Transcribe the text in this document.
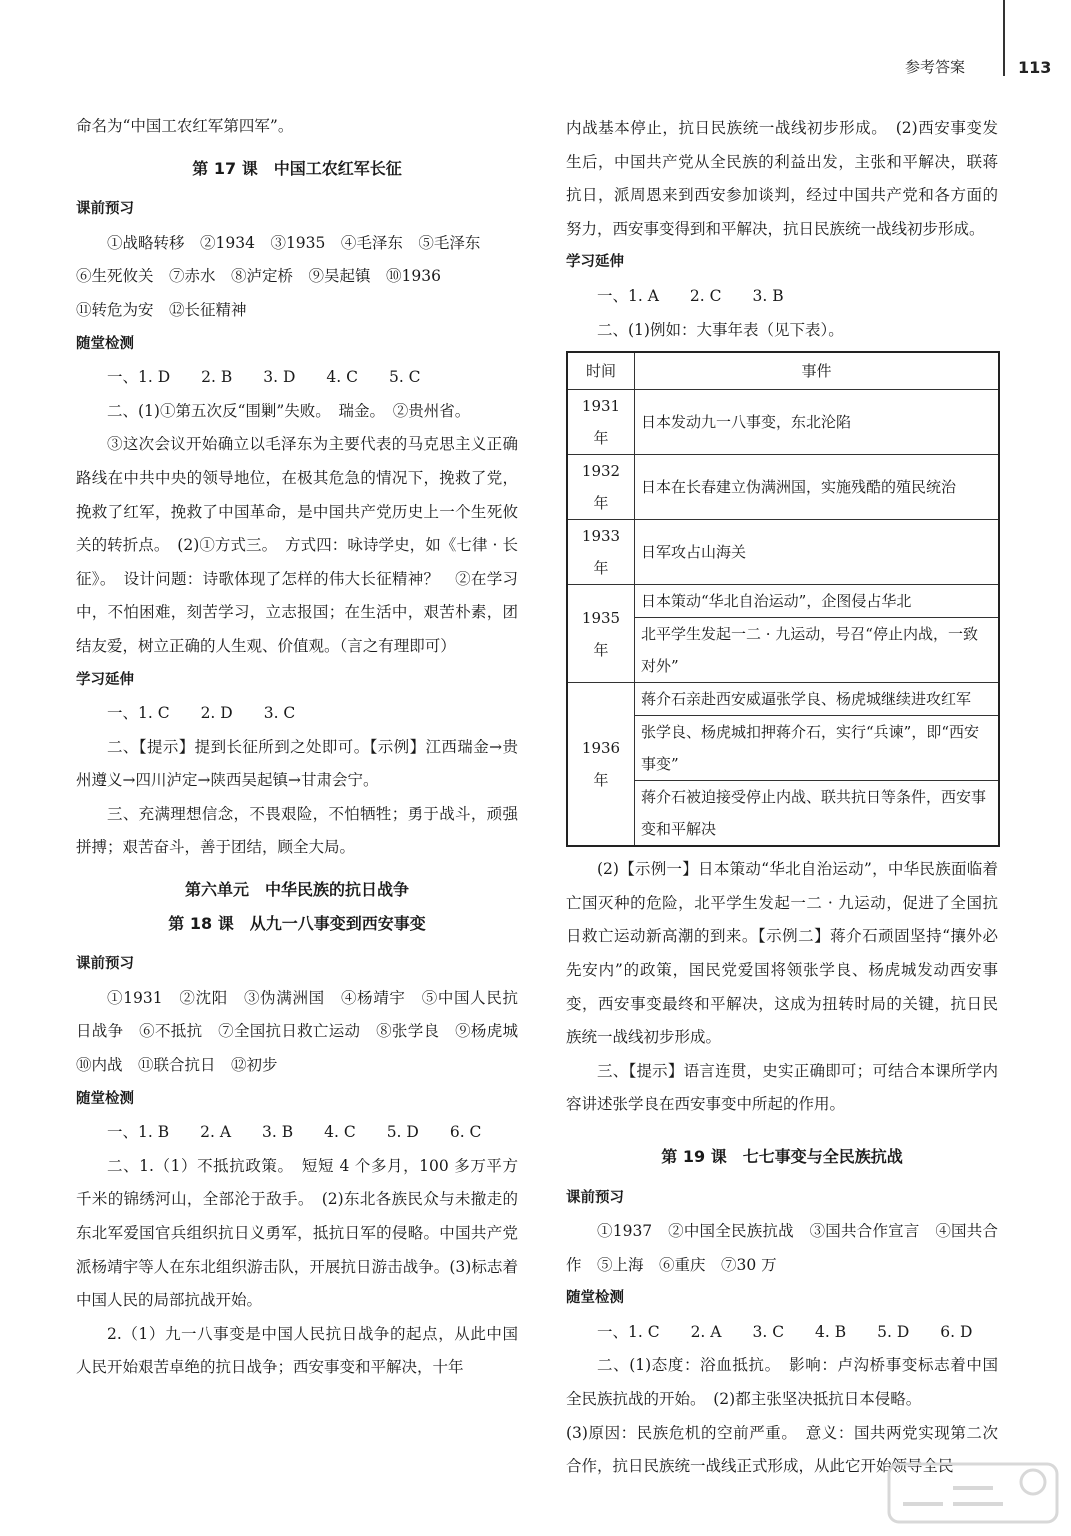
参考答案	113

命名为“中国工农红军第四军”。

第 17 课　中国工农红军长征

课前预习

①战略转移　②1934　③1935　④毛泽东　⑤毛泽东

⑥生死攸关　⑦赤水　⑧泸定桥　⑨吴起镇　⑩1936

⑪转危为安　⑫长征精神

随堂检测

一、1. D　　2. B　　3. D　　4. C　　5. C

二、(1)①第五次反“围剿”失败。　瑞金。　②贵州省。

③这次会议开始确立以毛泽东为主要代表的马克思主义正确路线在中共中央的领导地位，在极其危急的情况下，挽救了党，挽救了红军，挽救了中国革命，是中国共产党历史上一个生死攸关的转折点。　(2)①方式三。　方式四：咏诗学史，如《七律 · 长征》。　设计问题：诗歌体现了怎样的伟大长征精神？　②在学习中，不怕困难，刻苦学习，立志报国；在生活中，艰苦朴素，团结友爱，树立正确的人生观、价值观。（言之有理即可）

学习延伸

一、1. C　　2. D　　3. C

二、【提示】提到长征所到之处即可。【示例】江西瑞金→贵州遵义→四川泸定→陕西吴起镇→甘肃会宁。

三、充满理想信念，不畏艰险，不怕牺牲；勇于战斗，顽强拼搏；艰苦奋斗，善于团结，顾全大局。

第六单元　中华民族的抗日战争
第 18 课　从九一八事变到西安事变

课前预习

①1931　②沈阳　③伪满洲国　④杨靖宇　⑤中国人民抗日战争　⑥不抵抗　⑦全国抗日救亡运动　⑧张学良　⑨杨虎城　⑩内战　⑪联合抗日　⑫初步

随堂检测

一、1. B　　2. A　　3. B　　4. C　　5. D　　6. C

二、1.（1）不抵抗政策。　短短 4 个多月，100 多万平方千米的锦绣河山，全部沦于敌手。　(2)东北各族民众与未撤走的东北军爱国官兵组织抗日义勇军，抵抗日军的侵略。中国共产党派杨靖宇等人在东北组织游击队，开展抗日游击战争。(3)标志着中国人民的局部抗战开始。

2.（1）九一八事变是中国人民抗日战争的起点，从此中国人民开始艰苦卓绝的抗日战争；西安事变和平解决，十年

内战基本停止，抗日民族统一战线初步形成。　(2)西安事变发生后，中国共产党从全民族的利益出发，主张和平解决，联蒋抗日，派周恩来到西安参加谈判，经过中国共产党和各方面的努力，西安事变得到和平解决，抗日民族统一战线初步形成。

学习延伸

一、1. A　　2. C　　3. B

二、(1)例如：大事年表（见下表）。

时间	事件
1931 年	日本发动九一八事变，东北沦陷
1932 年	日本在长春建立伪满洲国，实施残酷的殖民统治
1933 年	日军攻占山海关
1935 年	日本策动“华北自治运动”，企图侵占华北
	北平学生发起一二 · 九运动，号召“停止内战，一致对外”
1936 年	蒋介石亲赴西安威逼张学良、杨虎城继续进攻红军
	张学良、杨虎城扣押蒋介石，实行“兵谏”，即“西安事变”
	蒋介石被迫接受停止内战、联共抗日等条件，西安事变和平解决

(2)【示例一】日本策动“华北自治运动”，中华民族面临着亡国灭种的危险，北平学生发起一二 · 九运动，促进了全国抗日救亡运动新高潮的到来。【示例二】蒋介石顽固坚持“攘外必先安内”的政策，国民党爱国将领张学良、杨虎城发动西安事变，西安事变最终和平解决，这成为扭转时局的关键，抗日民族统一战线初步形成。

三、【提示】语言连贯，史实正确即可；可结合本课所学内容讲述张学良在西安事变中所起的作用。

第 19 课　七七事变与全民族抗战

课前预习

①1937　②中国全民族抗战　③国共合作宣言　④国共合作　⑤上海　⑥重庆　⑦30 万

随堂检测

一、1. C　　2. A　　3. C　　4. B　　5. D　　6. D

二、(1)态度：浴血抵抗。　影响：卢沟桥事变标志着中国全民族抗战的开始。　(2)都主张坚决抵抗日本侵略。

(3)原因：民族危机的空前严重。　意义：国共两党实现第二次合作，抗日民族统一战线正式形成，从此它开始领导全民
